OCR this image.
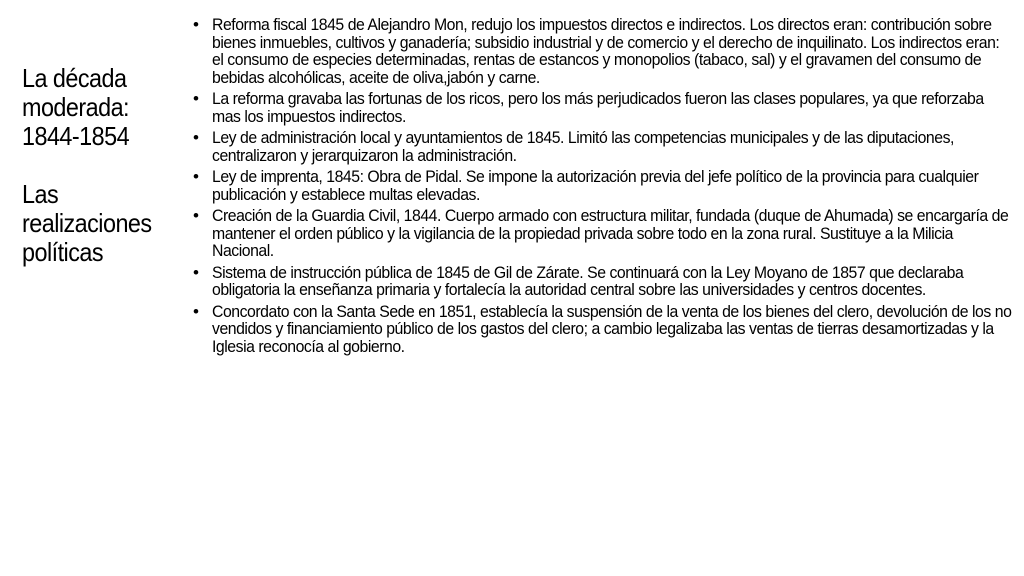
La década
moderada:
1844-1854
Las
realizaciones
políticas
• Reforma fiscal 1845 de Alejandro Mon, redujo los impuestos directos e indirectos. Los directos eran: contribución sobre bienes inmuebles, cultivos y ganadería; subsidio industrial y de comercio y el derecho de inquilinato. Los indirectos eran: el consumo de especies determinadas, rentas de estancos y monopolios (tabaco, sal) y el gravamen del consumo de bebidas alcohólicas, aceite de oliva,jabón y carne.
• La reforma gravaba las fortunas de los ricos, pero los más perjudicados fueron las clases populares, ya que reforzaba mas los impuestos indirectos.
• Ley de administración local y ayuntamientos de 1845. Limitó las competencias municipales y de las diputaciones, centralizaron y jerarquizaron la administración.
• Ley de imprenta, 1845: Obra de Pidal. Se impone la autorización previa del jefe político de la provincia para cualquier publicación y establece multas elevadas.
• Creación de la Guardia Civil, 1844. Cuerpo armado con estructura militar, fundada (duque de Ahumada) se encargaría de mantener el orden público y la vigilancia de la propiedad privada sobre todo en la zona rural. Sustituye a la Milicia Nacional.
• Sistema de instrucción pública de 1845 de Gil de Zárate. Se continuará con la Ley Moyano de 1857 que declaraba obligatoria la enseñanza primaria y fortalecía la autoridad central sobre las universidades y centros docentes.
• Concordato con la Santa Sede en 1851, establecía la suspensión de la venta de los bienes del clero, devolución de los no vendidos y financiamiento público de los gastos del clero; a cambio legalizaba las ventas de tierras desamortizadas y la Iglesia reconocía al gobierno.
